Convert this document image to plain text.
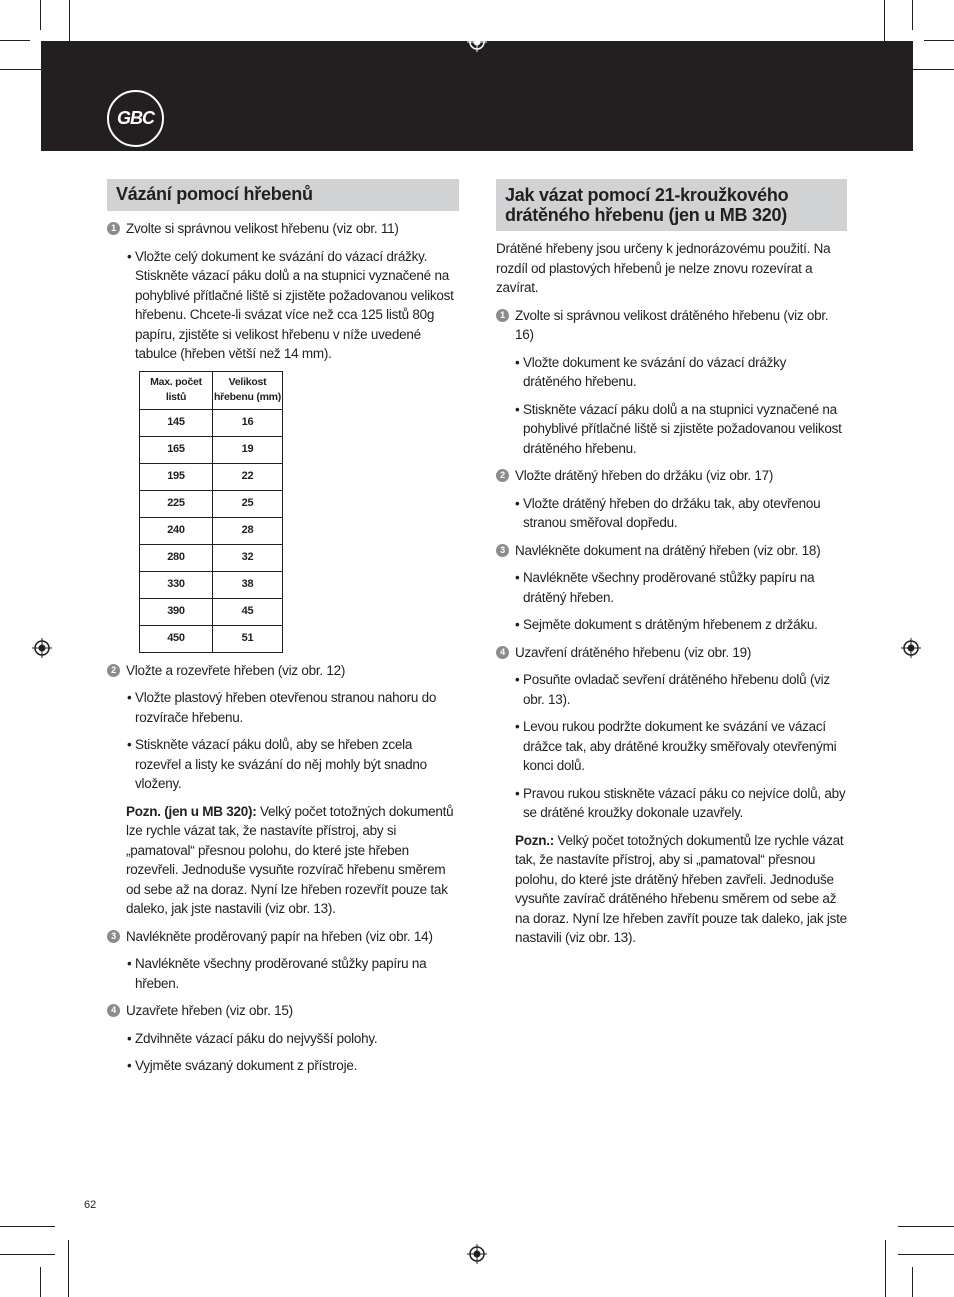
GBC
Vázání pomocí hřebenů
1 Zvolte si správnou velikost hřebenu (viz obr. 11)
• Vložte celý dokument ke svázání do vázací drážky. Stiskněte vázací páku dolů a na stupnici vyznačené na pohyblivé přítlačné liště si zjistěte požadovanou velikost hřebenu. Chcete-li svázat více než cca 125 listů 80g papíru, zjistěte si velikost hřebenu v níže uvedené tabulce (hřeben větší než 14 mm).
Max. počet listů	Velikost hřebenu (mm)
145	16
165	19
195	22
225	25
240	28
280	32
330	38
390	45
450	51
2 Vložte a rozevřete hřeben (viz obr. 12)
• Vložte plastový hřeben otevřenou stranou nahoru do rozvírače hřebenu.
• Stiskněte vázací páku dolů, aby se hřeben zcela rozevřel a listy ke svázání do něj mohly být snadno vloženy.
Pozn. (jen u MB 320): Velký počet totožných dokumentů lze rychle vázat tak, že nastavíte přístroj, aby si „pamatoval“ přesnou polohu, do které jste hřeben rozevřeli. Jednoduše vysuňte rozvírač hřebenu směrem od sebe až na doraz. Nyní lze hřeben rozevřít pouze tak daleko, jak jste nastavili (viz obr. 13).
3 Navlékněte proděrovaný papír na hřeben (viz obr. 14)
• Navlékněte všechny proděrované stůžky papíru na hřeben.
4 Uzavřete hřeben (viz obr. 15)
• Zdvihněte vázací páku do nejvyšší polohy.
• Vyjměte svázaný dokument z přístroje.
Jak vázat pomocí 21-kroužkového drátěného hřebenu (jen u MB 320)
Drátěné hřebeny jsou určeny k jednorázovému použití. Na rozdíl od plastových hřebenů je nelze znovu rozevírat a zavírat.
1 Zvolte si správnou velikost drátěného hřebenu (viz obr. 16)
• Vložte dokument ke svázání do vázací drážky drátěného hřebenu.
• Stiskněte vázací páku dolů a na stupnici vyznačené na pohyblivé přítlačné liště si zjistěte požadovanou velikost drátěného hřebenu.
2 Vložte drátěný hřeben do držáku (viz obr. 17)
• Vložte drátěný hřeben do držáku tak, aby otevřenou stranou směřoval dopředu.
3 Navlékněte dokument na drátěný hřeben (viz obr. 18)
• Navlékněte všechny proděrované stůžky papíru na drátěný hřeben.
• Sejměte dokument s drátěným hřebenem z držáku.
4 Uzavření drátěného hřebenu (viz obr. 19)
• Posuňte ovladač sevření drátěného hřebenu dolů (viz obr. 13).
• Levou rukou podržte dokument ke svázání ve vázací drážce tak, aby drátěné kroužky směřovaly otevřenými konci dolů.
• Pravou rukou stiskněte vázací páku co nejvíce dolů, aby se drátěné kroužky dokonale uzavřely.
Pozn.: Velký počet totožných dokumentů lze rychle vázat tak, že nastavíte přístroj, aby si „pamatoval“ přesnou polohu, do které jste drátěný hřeben zavřeli. Jednoduše vysuňte zavírač drátěného hřebenu směrem od sebe až na doraz. Nyní lze hřeben zavřít pouze tak daleko, jak jste nastavili (viz obr. 13).
62
